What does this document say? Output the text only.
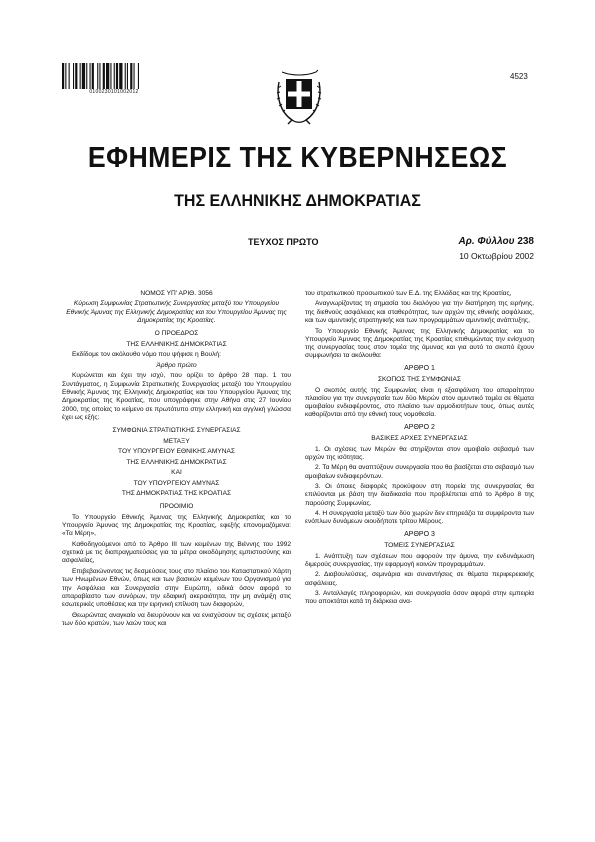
0100230101002012
4523
ΕΦΗΜΕΡΙΣ ΤΗΣ ΚΥΒΕΡΝΗΣΕΩΣ
ΤΗΣ ΕΛΛΗΝΙΚΗΣ ΔΗΜΟΚΡΑΤΙΑΣ
ΤΕΥΧΟΣ ΠΡΩΤΟ	Αρ. Φύλλου 238
10 Οκτωβρίου 2002

ΝΟΜΟΣ ΥΠ' ΑΡΙΘ. 3056

Κύρωση Συμφωνίας Στρατιωτικής Συνεργασίας μεταξύ του Υπουργείου Εθνικής Άμυνας της Ελληνικής Δημοκρατίας και του Υπουργείου Άμυνας της Δημοκρατίας της Κροατίας.

Ο ΠΡΟΕΔΡΟΣ

ΤΗΣ ΕΛΛΗΝΙΚΗΣ ΔΗΜΟΚΡΑΤΙΑΣ

Εκδίδομε τον ακόλουθο νόμο που ψήφισε η Βουλή:

Άρθρο πρώτο

Κυρώνεται και έχει την ισχύ, που ορίζει το άρθρο 28 παρ. 1 του Συντάγματος, η Συμφωνία Στρατιωτικής Συνεργασίας μεταξύ του Υπουργείου Εθνικής Άμυνας της Ελληνικής Δημοκρατίας και του Υπουργείου Άμυνας της Δημοκρατίας της Κροατίας, που υπογράφηκε στην Αθήνα στις 27 Ιουνίου 2000, της οποίας το κείμενο σε πρωτότυπο στην ελληνική και αγγλική γλώσσα έχει ως εξής:

ΣΥΜΦΩΝΙΑ ΣΤΡΑΤΙΩΤΙΚΗΣ ΣΥΝΕΡΓΑΣΙΑΣ

ΜΕΤΑΞΥ

ΤΟΥ ΥΠΟΥΡΓΕΙΟΥ ΕΘΝΙΚΗΣ ΑΜΥΝΑΣ

ΤΗΣ ΕΛΛΗΝΙΚΗΣ ΔΗΜΟΚΡΑΤΙΑΣ

ΚΑΙ

ΤΟΥ ΥΠΟΥΡΓΕΙΟΥ ΑΜΥΝΑΣ

ΤΗΣ ΔΗΜΟΚΡΑΤΙΑΣ ΤΗΣ ΚΡΟΑΤΙΑΣ

ΠΡΟΟΙΜΙΟ

Το Υπουργείο Εθνικής Άμυνας της Ελληνικής Δημοκρατίας και το Υπουργείο Άμυνας της Δημοκρατίας της Κροατίας, εφεξής επονομαζόμενα: «Τα Μέρη»,

Καθοδηγούμενοι από το Άρθρο ΙΙΙ των κειμένων της Βιέννης του 1992 σχετικά με τις διαπραγματεύσεις για τα μέτρα οικοδόμησης εμπιστοσύνης και ασφαλείας,

Επιβεβαιώνοντας τις δεσμεύσεις τους στο πλαίσιο του Καταστατικού Χάρτη των Ηνωμένων Εθνών, όπως και των βασικών κειμένων του Οργανισμού για την Ασφάλεια και Συνεργασία στην Ευρώπη, ειδικά όσον αφορά το απαραβίαστο των συνόρων, την εδαφική ακεραιότητα, την μη ανάμιξη στις εσωτερικές υποθέσεις και την ειρηνική επίλυση των διαφορών,

Θεωρώντας αναγκαίο να διευρύνουν και να ενισχύσουν τις σχέσεις μεταξύ των δύο κρατών, των λαών τους και

του στρατιωτικού προσωπικού των Ε.Δ. της Ελλάδας και της Κροατίας,

Αναγνωρίζοντας τη σημασία του διαλόγου για την διατήρηση της ειρήνης, της διεθνούς ασφάλειας και σταθερότητας, των αρχών της εθνικής ασφάλειας, και των αμυντικής στρατηγικής και των προγραμμάτων αμυντικής ανάπτυξης,

Το Υπουργείο Εθνικής Άμυνας της Ελληνικής Δημοκρατίας και το Υπουργείο Άμυνας της Δημοκρατίας της Κροατίας επιθυμώντας την ενίσχυση της συνεργασίας τους στον τομέα της άμυνας και για αυτό το σκοπό έχουν συμφωνήσει τα ακόλουθα:

ΑΡΘΡΟ 1

ΣΚΟΠΟΣ ΤΗΣ ΣΥΜΦΩΝΙΑΣ

Ο σκοπός αυτής της Συμφωνίας είναι η εξασφάλιση του απαραίτητου πλαισίου για την συνεργασία των δύο Μερών στον αμυντικό τομέα σε θέματα αμοιβαίου ενδιαφέροντος, στο πλαίσιο των αρμοδιοτήτων τους, όπως αυτές καθορίζονται από την εθνική τους νομοθεσία.

ΑΡΘΡΟ 2

ΒΑΣΙΚΕΣ ΑΡΧΕΣ ΣΥΝΕΡΓΑΣΙΑΣ

1. Οι σχέσεις των Μερών θα στηρίζονται στον αμοιβαίο σεβασμό των αρχών της ισότητας.

2. Τα Μέρη θα αναπτύξουν συνεργασία που θα βασίζεται στο σεβασμό των αμοιβαίων ενδιαφερόντων.

3. Οι όποιες διαφορές προκύψουν στη πορεία της συνεργασίας θα επιλύονται με βάση την διαδικασία που προβλέπεται από το Άρθρο 8 της παρούσης Συμφωνίας.

4. Η συνεργασία μεταξύ των δύο χωρών δεν επηρεάζει τα συμφέροντα των ενόπλων δυνάμεων οιουδήποτε τρίτου Μέρους.

ΑΡΘΡΟ 3

ΤΟΜΕΙΣ ΣΥΝΕΡΓΑΣΙΑΣ

1. Ανάπτυξη των σχέσεων που αφορούν την άμυνα, την ενδυνάμωση διμερούς συνεργασίας, την εφαρμογή κοινών προγραμμάτων.

2. Διαβουλεύσεις, σεμινάρια και συναντήσεις σε θέματα περιφερειακής ασφάλειας.

3. Ανταλλαγές πληροφοριών, και συνεργασία όσον αφορά στην εμπειρία που αποκτάται κατά τη διάρκεια ανα-
